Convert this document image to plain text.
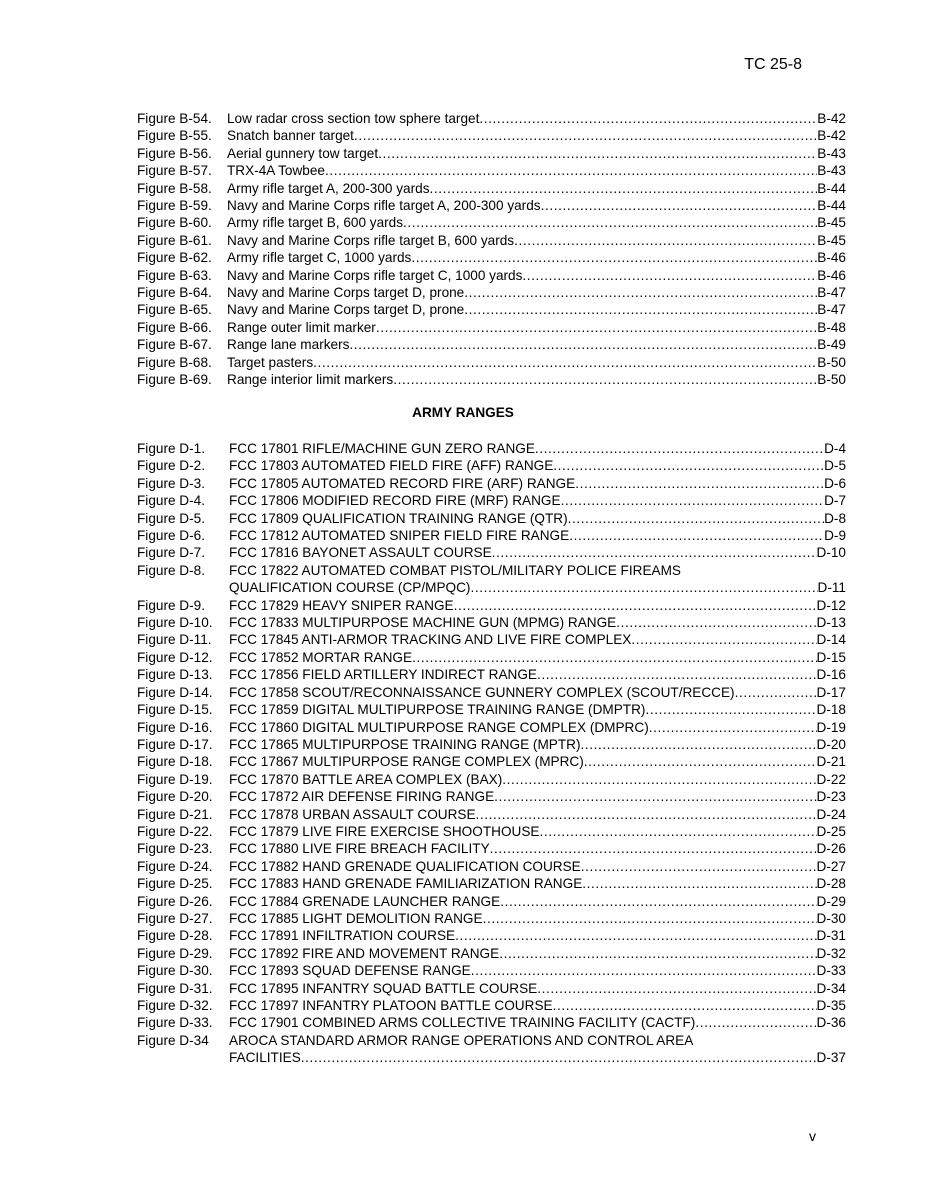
TC 25-8
Figure B-54.	Low radar cross section tow sphere target .....	B-42
Figure B-55.	Snatch banner target .....	B-42
Figure B-56.	Aerial gunnery tow target .....	B-43
Figure B-57.	TRX-4A Towbee .....	B-43
Figure B-58.	Army rifle target A, 200-300 yards .....	B-44
Figure B-59.	Navy and Marine Corps rifle target A, 200-300 yards .....	B-44
Figure B-60.	Army rifle target B, 600 yards .....	B-45
Figure B-61.	Navy and Marine Corps rifle target B, 600 yards .....	B-45
Figure B-62.	Army rifle target C, 1000 yards .....	B-46
Figure B-63.	Navy and Marine Corps rifle target C, 1000 yards .....	B-46
Figure B-64.	Navy and Marine Corps target D, prone .....	B-47
Figure B-65.	Navy and Marine Corps target D, prone .....	B-47
Figure B-66.	Range outer limit marker .....	B-48
Figure B-67.	Range lane markers .....	B-49
Figure B-68.	Target pasters .....	B-50
Figure B-69.	Range interior limit markers .....	B-50
ARMY RANGES
Figure D-1.	FCC 17801 RIFLE/MACHINE GUN ZERO RANGE .....	D-4
Figure D-2.	FCC 17803 AUTOMATED FIELD FIRE (AFF) RANGE .....	D-5
Figure D-3.	FCC 17805 AUTOMATED RECORD FIRE (ARF) RANGE .....	D-6
Figure D-4.	FCC 17806 MODIFIED RECORD FIRE (MRF) RANGE .....	D-7
Figure D-5.	FCC 17809 QUALIFICATION TRAINING RANGE (QTR) .....	D-8
Figure D-6.	FCC 17812 AUTOMATED SNIPER FIELD FIRE RANGE .....	D-9
Figure D-7.	FCC 17816 BAYONET ASSAULT COURSE .....	D-10
Figure D-8.	FCC 17822 AUTOMATED COMBAT PISTOL/MILITARY POLICE FIREAMS
QUALIFICATION COURSE (CP/MPQC) .....	D-11
Figure D-9.	FCC 17829 HEAVY SNIPER RANGE .....	D-12
Figure D-10.	FCC 17833 MULTIPURPOSE MACHINE GUN (MPMG) RANGE .....	D-13
Figure D-11.	FCC 17845 ANTI-ARMOR TRACKING AND LIVE FIRE COMPLEX .....	D-14
Figure D-12.	FCC 17852 MORTAR RANGE .....	D-15
Figure D-13.	FCC 17856 FIELD ARTILLERY INDIRECT RANGE .....	D-16
Figure D-14.	FCC 17858 SCOUT/RECONNAISSANCE GUNNERY COMPLEX (SCOUT/RECCE) .....	D-17
Figure D-15.	FCC 17859 DIGITAL MULTIPURPOSE TRAINING RANGE (DMPTR) .....	D-18
Figure D-16.	FCC 17860 DIGITAL MULTIPURPOSE RANGE COMPLEX (DMPRC) .....	D-19
Figure D-17.	FCC 17865 MULTIPURPOSE TRAINING RANGE (MPTR) .....	D-20
Figure D-18.	FCC 17867 MULTIPURPOSE RANGE COMPLEX (MPRC) .....	D-21
Figure D-19.	FCC 17870 BATTLE AREA COMPLEX (BAX) .....	D-22
Figure D-20.	FCC 17872 AIR DEFENSE FIRING RANGE .....	D-23
Figure D-21.	FCC 17878 URBAN ASSAULT COURSE .....	D-24
Figure D-22.	FCC 17879 LIVE FIRE EXERCISE SHOOTHOUSE .....	D-25
Figure D-23.	FCC 17880 LIVE FIRE BREACH FACILITY .....	D-26
Figure D-24.	FCC 17882 HAND GRENADE QUALIFICATION COURSE .....	D-27
Figure D-25.	FCC 17883 HAND GRENADE FAMILIARIZATION RANGE .....	D-28
Figure D-26.	FCC 17884 GRENADE LAUNCHER RANGE .....	D-29
Figure D-27.	FCC 17885 LIGHT DEMOLITION RANGE .....	D-30
Figure D-28.	FCC 17891 INFILTRATION COURSE .....	D-31
Figure D-29.	FCC 17892 FIRE AND MOVEMENT RANGE .....	D-32
Figure D-30.	FCC 17893 SQUAD DEFENSE RANGE .....	D-33
Figure D-31.	FCC 17895 INFANTRY SQUAD BATTLE COURSE .....	D-34
Figure D-32.	FCC 17897 INFANTRY PLATOON BATTLE COURSE .....	D-35
Figure D-33.	FCC 17901 COMBINED ARMS COLLECTIVE TRAINING FACILITY (CACTF) .....	D-36
Figure D-34	AROCA STANDARD ARMOR RANGE OPERATIONS AND CONTROL AREA
FACILITIES .....	D-37
v
